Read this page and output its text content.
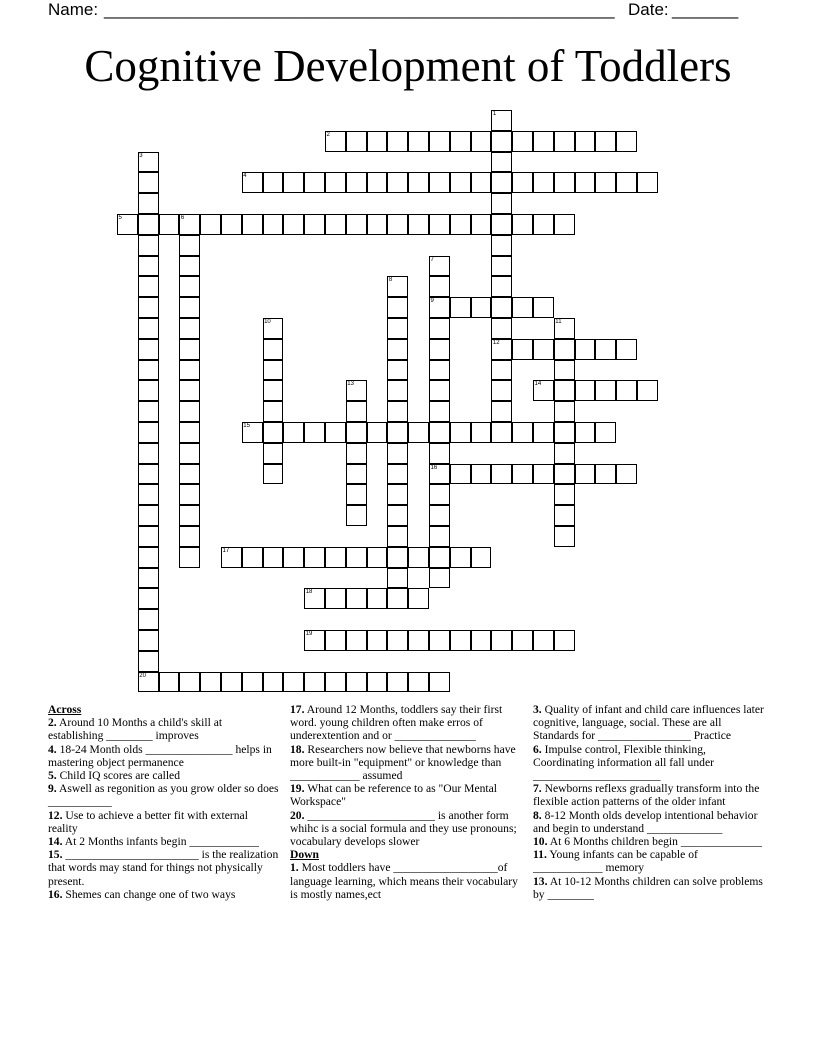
Name: ______________________________________________________ Date: _______
Cognitive Development of Toddlers
1
2
3
4
5	6
7
8
9
10	11
12
13	14
15
16
17
18
19
20

Across

2. Around 10 Months a child's skill at establishing ________ improves

4. 18-24 Month olds _______________ helps in mastering object permanence

5. Child IQ scores are called

9. Aswell as regonition as you grow older so does ___________

12. Use to achieve a better fit with external reality

14. At 2 Months infants begin ____________

15. _______________________ is the realization that words may stand for things not physically present.

16. Shemes can change one of two ways

17. Around 12 Months, toddlers say their first word. young children often make erros of underextention and or ______________

18. Researchers now believe that newborns have more built-in "equipment" or knowledge than ____________ assumed

19. What can be reference to as "Our Mental Workspace"

20. ______________________ is another form whihc is a social formula and they use pronouns; vocabulary develops slower

Down

1. Most toddlers have __________________of language learning, which means their vocabulary is mostly names,ect

3. Quality of infant and child care influences later cognitive, language, social. These are all Standards for ________________ Practice

6. Impulse control, Flexible thinking, Coordinating information all fall under ______________________

7. Newborns reflexs gradually transform into the flexible action patterns of the older infant

8. 8-12 Month olds develop intentional behavior and begin to understand _____________

10. At 6 Months children begin ______________

11. Young infants can be capable of ____________ memory

13. At 10-12 Months children can solve problems by ________
